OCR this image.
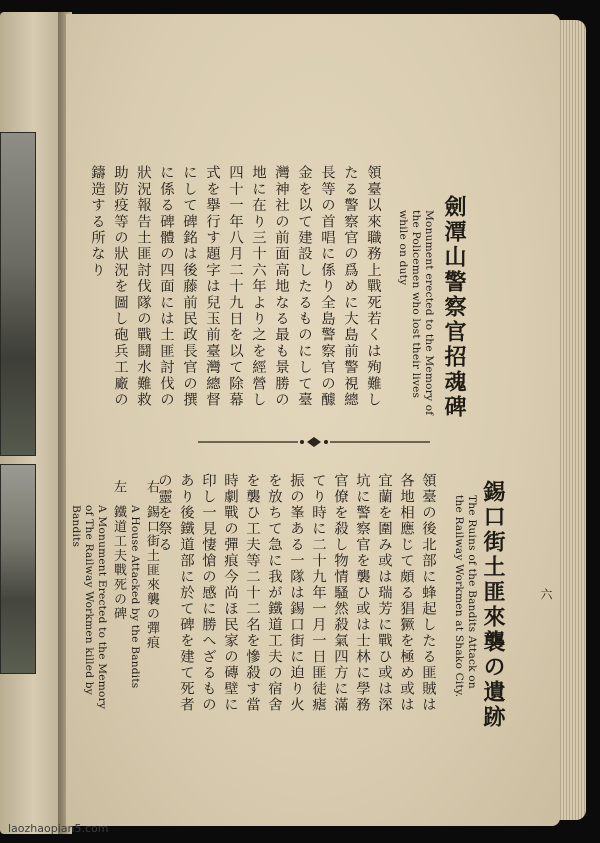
劍潭山警察官招魂碑
Monument erected to the Memory of
the Policemen who lost their lives
while on duty
領臺以來職務上戰死若くは殉難し
たる警察官の爲めに大島前警視總
長等の首唱に係り全島警察官の醵
金を以て建設したるものにして臺
灣神社の前面高地なる最も景勝の
地に在り三十六年より之を經營し
四十一年八月二十九日を以て除幕
式を擧行す題字は兒玉前臺灣總督
にして碑銘は後藤前民政長官の撰
に係る碑體の四面には土匪討伐の
狀況報告土匪討伐隊の戰鬪水難救
助防疫等の狀況を圖し砲兵工廠の
鑄造する所なり
錫口街土匪來襲の遺跡
The Ruins of the Bandits Attack on
the Railway Workmen at Shako City.
領臺の後北部に蜂起したる匪賊は
各地相應じて頗る猖獗を極め或は
宜蘭を圍み或は瑞芳に戰ひ或は深
坑に警察官を襲ひ或は士林に學務
官僚を殺し物情騷然殺氣四方に滿
てり時に二十九年一月一日匪徒瘧
振の峯ある一隊は錫口街に迫り火
を放ちて急に我が鐵道工夫の宿舍
を襲ひ工夫等二十二名を慘殺す當
時劇戰の彈痕今尚ほ民家の磚壁に
印し一見悽愴の感に勝へざるもの
あり後鐵道部に於て碑を建て死者
の靈を祭る
右
錫口街土匪來襲の彈痕
A House Attacked by the Bandits
左
鐵道工夫戰死の碑
A Monument Erected to the Memory
of The Railway Workmen killed by
Bandits
六
laozhaopian5.com
